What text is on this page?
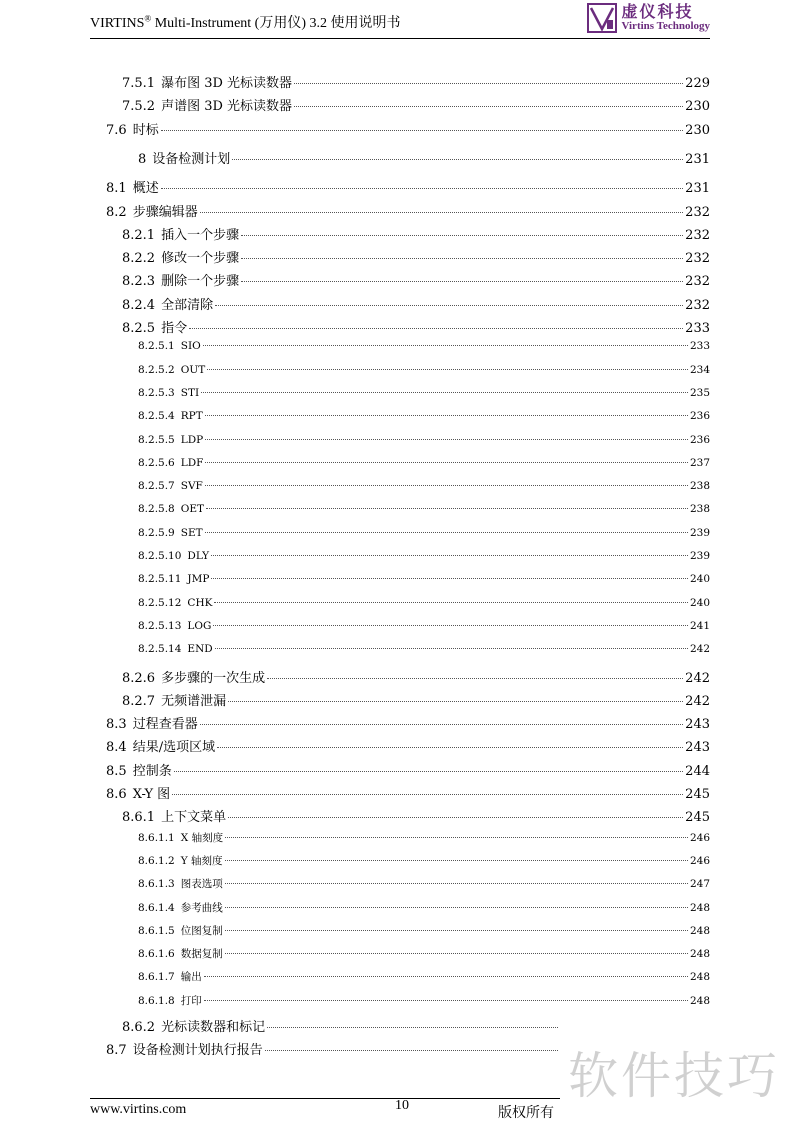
VIRTINS® Multi-Instrument (万用仪) 3.2 使用说明书
虚仪科技
Virtins Technology
7.5.1 瀑布图 3D 光标读数器	229
7.5.2 声谱图 3D 光标读数器	230
7.6 时标	230
8 设备检测计划	231
8.1 概述	231
8.2 步骤编辑器	232
8.2.1 插入一个步骤	232
8.2.2 修改一个步骤	232
8.2.3 删除一个步骤	232
8.2.4 全部清除	232
8.2.5 指令	233
8.2.5.1 SIO	233
8.2.5.2 OUT	234
8.2.5.3 STI	235
8.2.5.4 RPT	236
8.2.5.5 LDP	236
8.2.5.6 LDF	237
8.2.5.7 SVF	238
8.2.5.8 OET	238
8.2.5.9 SET	239
8.2.5.10 DLY	239
8.2.5.11 JMP	240
8.2.5.12 CHK	240
8.2.5.13 LOG	241
8.2.5.14 END	242
8.2.6 多步骤的一次生成	242
8.2.7 无频谱泄漏	242
8.3 过程查看器	243
8.4 结果/选项区域	243
8.5 控制条	244
8.6 X-Y 图	245
8.6.1 上下文菜单	245
8.6.1.1 X 轴刻度	246
8.6.1.2 Y 轴刻度	246
8.6.1.3 图表选项	247
8.6.1.4 参考曲线	248
8.6.1.5 位图复制	248
8.6.1.6 数据复制	248
8.6.1.7 输出	248
8.6.1.8 打印	248
8.6.2 光标读数器和标记
8.7 设备检测计划执行报告
www.virtins.com	10	版权所有
软件技巧
